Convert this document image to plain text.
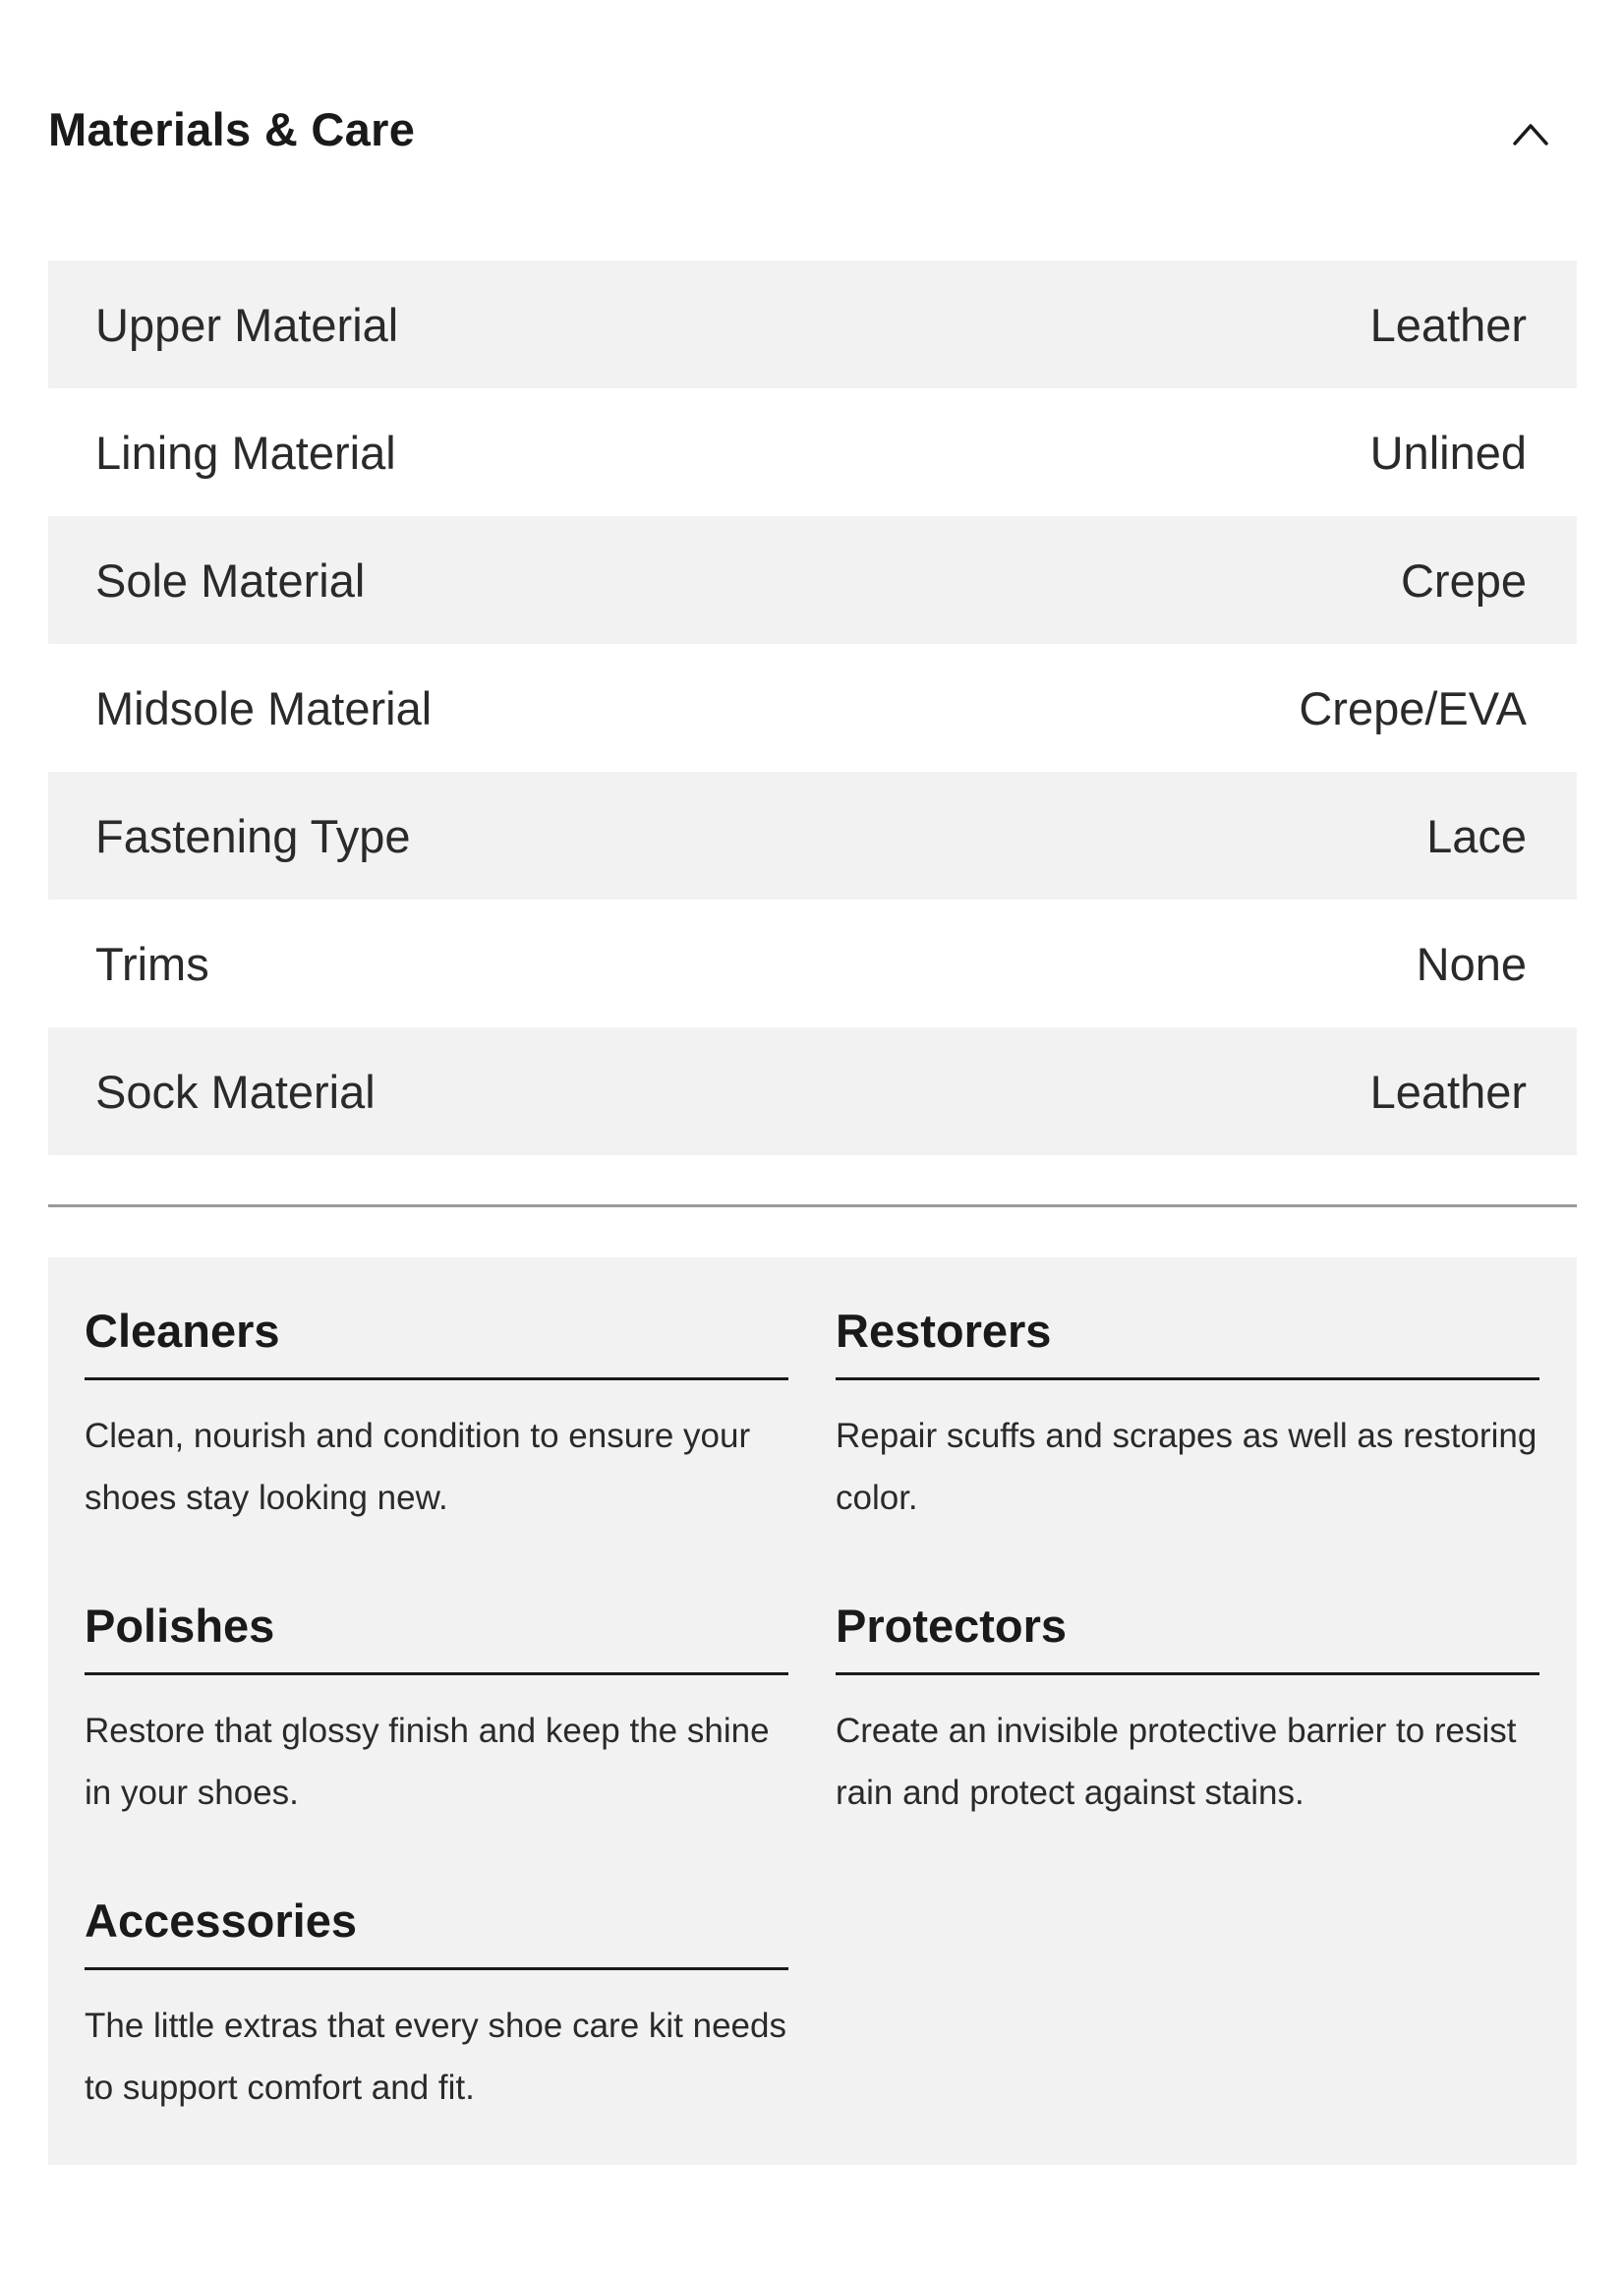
Materials & Care
Upper Material	Leather
Lining Material	Unlined
Sole Material	Crepe
Midsole Material	Crepe/EVA
Fastening Type	Lace
Trims	None
Sock Material	Leather
Cleaners
Clean, nourish and condition to ensure your shoes stay looking new.
Restorers
Repair scuffs and scrapes as well as restoring color.
Polishes
Restore that glossy finish and keep the shine in your shoes.
Protectors
Create an invisible protective barrier to resist rain and protect against stains.
Accessories
The little extras that every shoe care kit needs to support comfort and fit.
